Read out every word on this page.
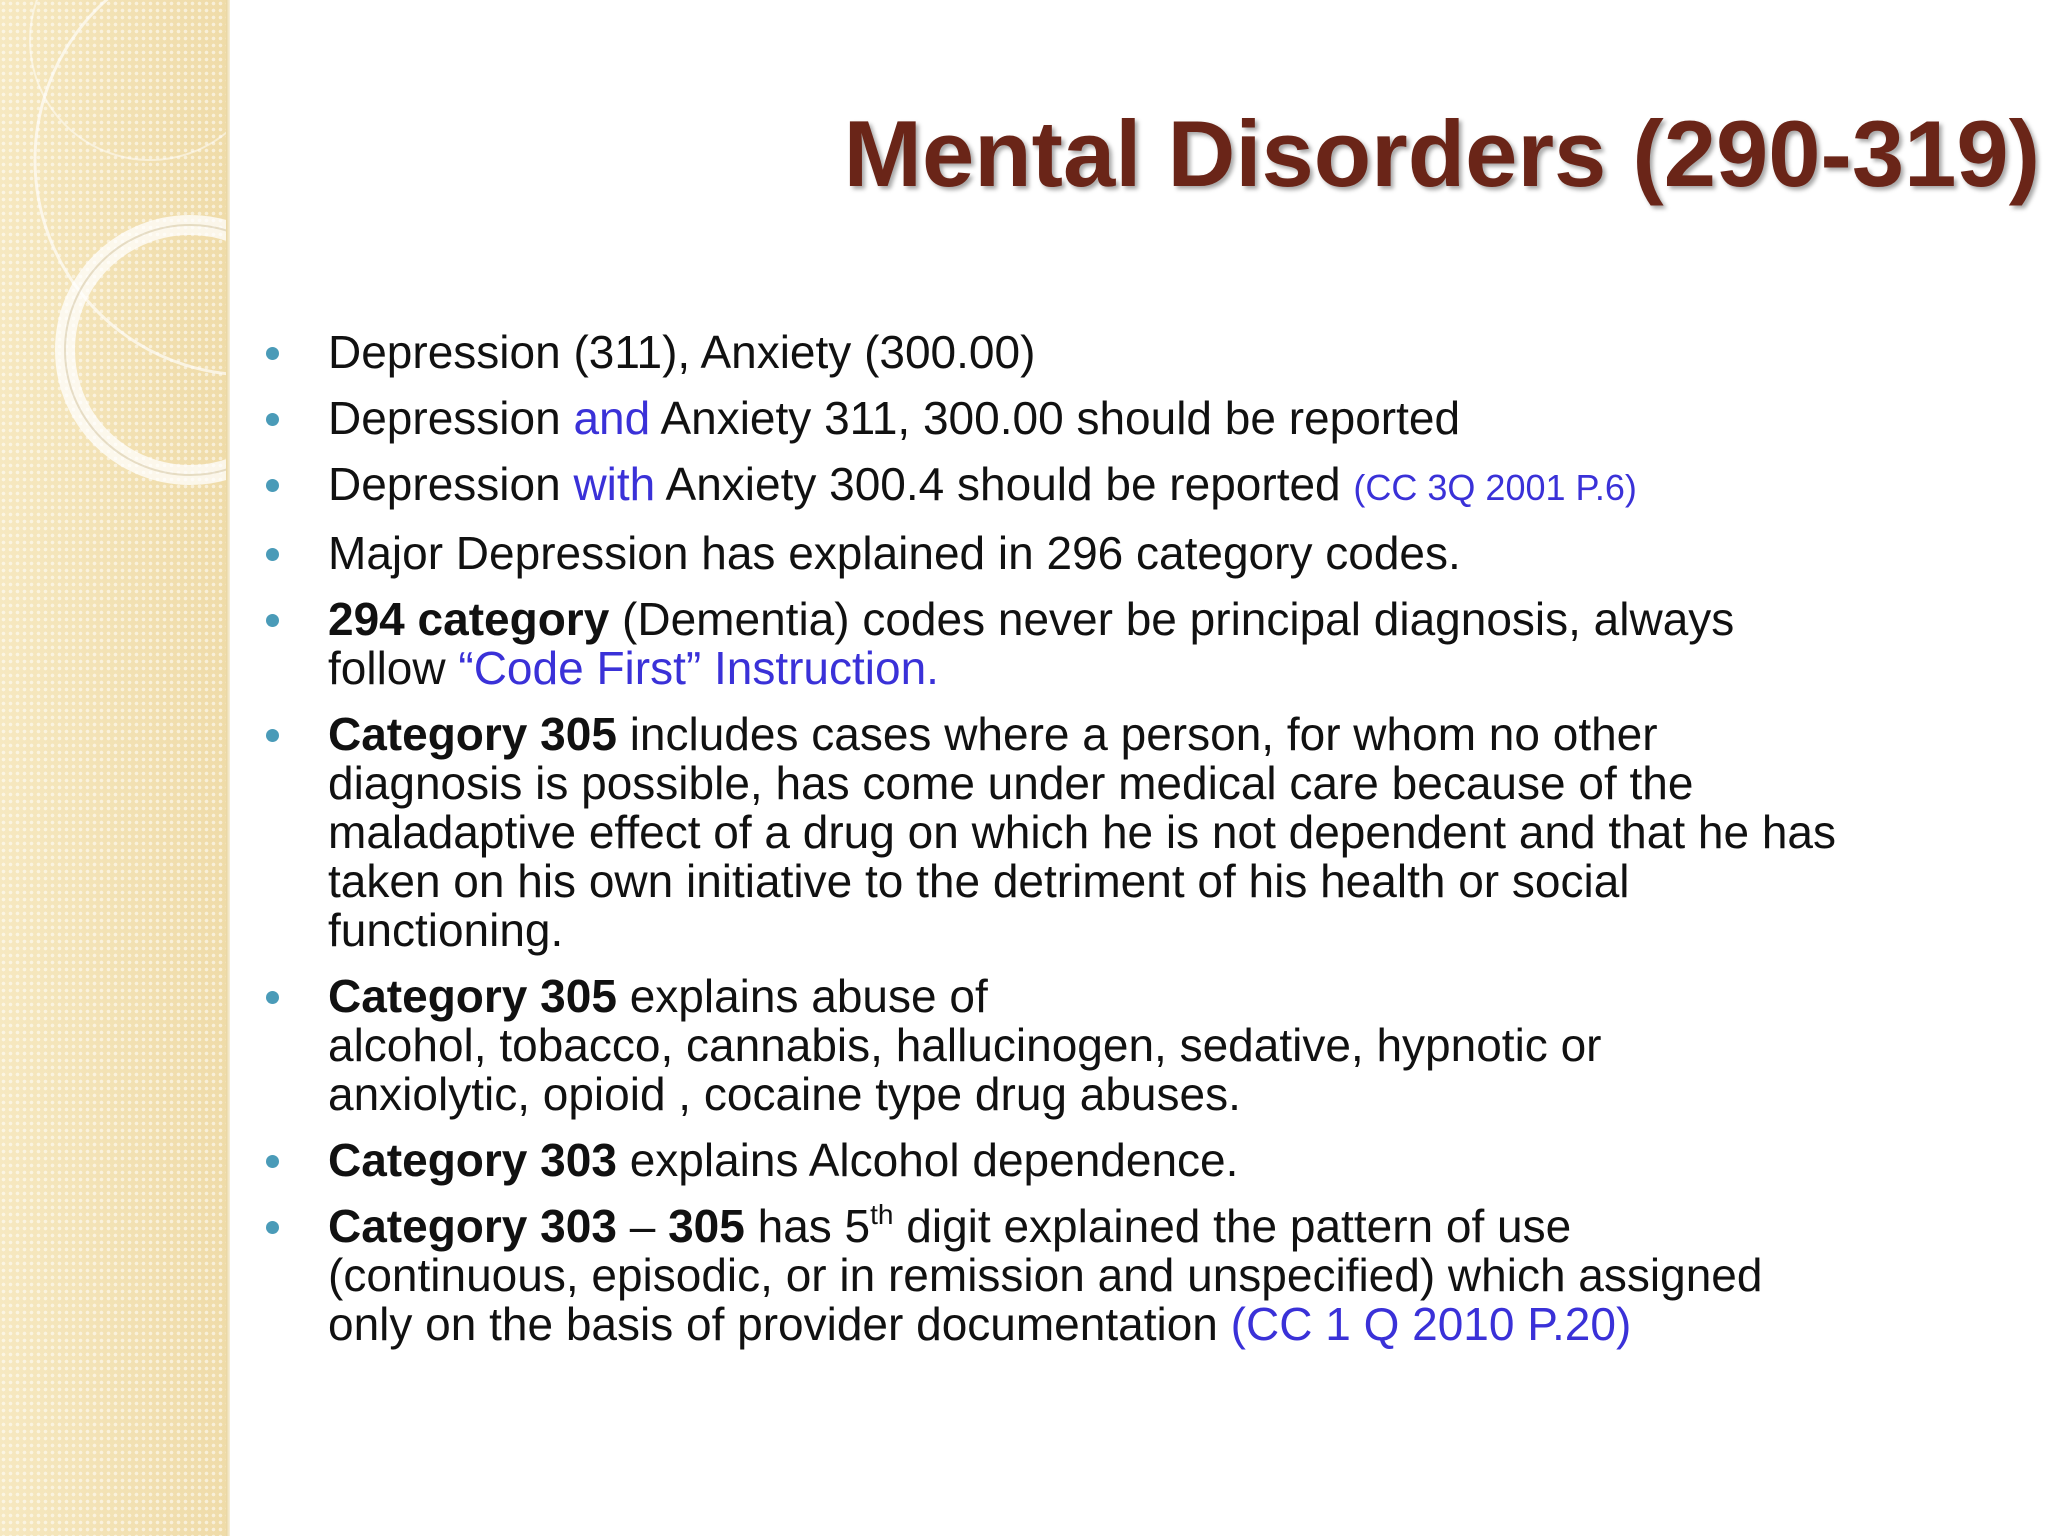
Mental Disorders (290-319)
Depression (311), Anxiety (300.00)
Depression and Anxiety 311, 300.00 should be reported
Depression with Anxiety 300.4 should be reported (CC 3Q 2001 P.6)
Major Depression has explained in 296 category codes.
294 category (Dementia) codes never be principal diagnosis, always
follow “Code First” Instruction.
Category 305 includes cases where a person, for whom no other
diagnosis is possible, has come under medical care because of the
maladaptive effect of a drug on which he is not dependent and that he has
taken on his own initiative to the detriment of his health or social
functioning.
Category 305 explains abuse of
alcohol, tobacco, cannabis, hallucinogen, sedative, hypnotic or
anxiolytic, opioid , cocaine type drug abuses.
Category 303 explains Alcohol dependence.
Category 303 – 305 has 5th digit explained the pattern of use
(continuous, episodic, or in remission and unspecified) which assigned
only on the basis of provider documentation (CC 1 Q 2010 P.20)
